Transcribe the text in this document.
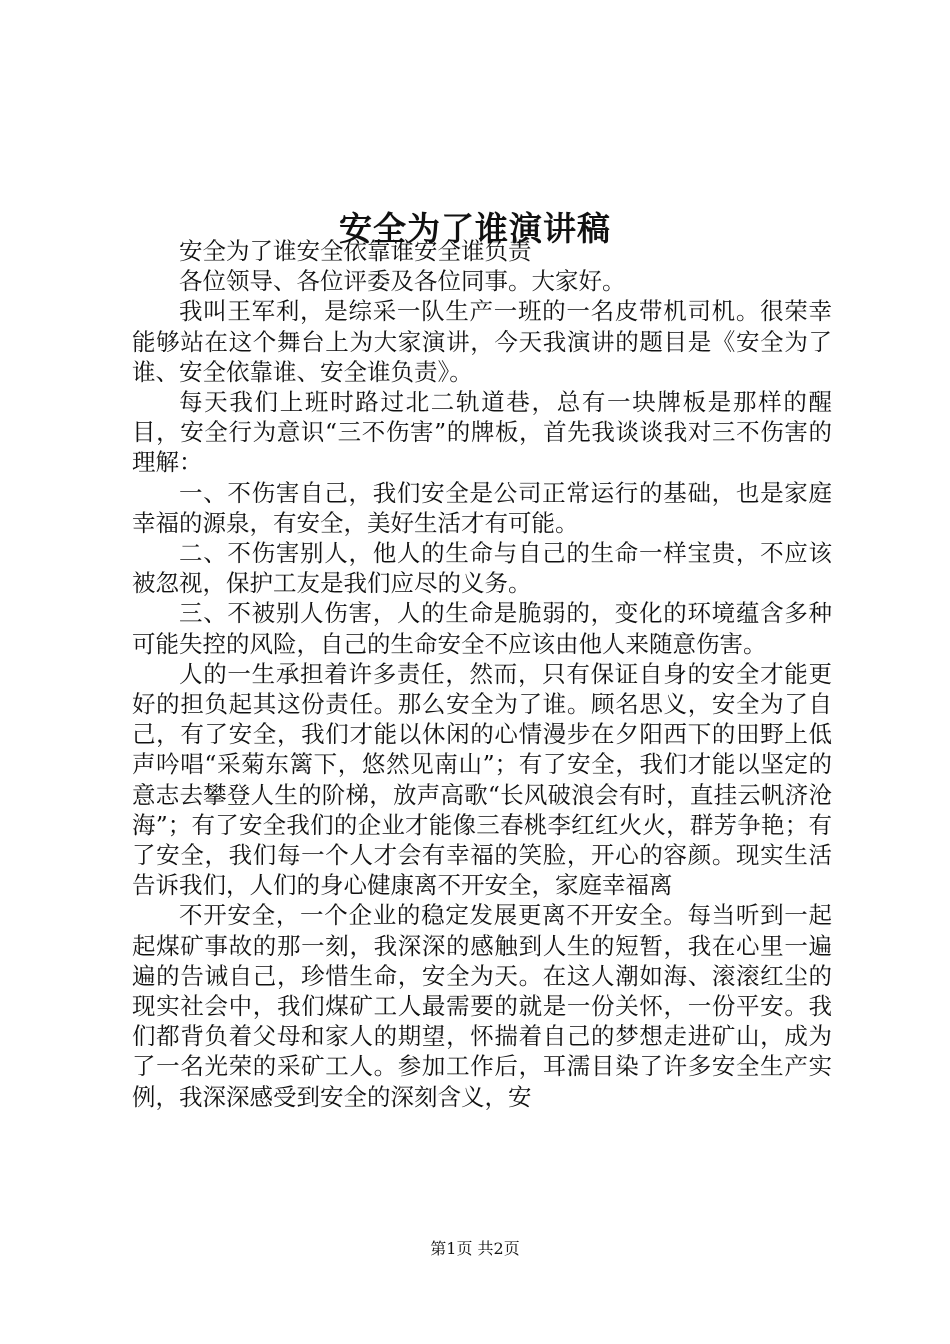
安全为了谁演讲稿

安全为了谁安全依靠谁安全谁负责

各位领导、各位评委及各位同事。大家好。

我叫王军利，是综采一队生产一班的一名皮带机司机。很荣幸能够站在这个舞台上为大家演讲，今天我演讲的题目是《安全为了谁、安全依靠谁、安全谁负责》。

每天我们上班时路过北二轨道巷，总有一块牌板是那样的醒目，安全行为意识“三不伤害”的牌板，首先我谈谈我对三不伤害的理解：

一、不伤害自己，我们安全是公司正常运行的基础，也是家庭幸福的源泉，有安全，美好生活才有可能。

二、不伤害别人，他人的生命与自己的生命一样宝贵，不应该被忽视，保护工友是我们应尽的义务。

三、不被别人伤害，人的生命是脆弱的，变化的环境蕴含多种可能失控的风险，自己的生命安全不应该由他人来随意伤害。

人的一生承担着许多责任，然而，只有保证自身的安全才能更好的担负起其这份责任。那么安全为了谁。顾名思义，安全为了自己，有了安全，我们才能以休闲的心情漫步在夕阳西下的田野上低声吟唱“采菊东篱下，悠然见南山”；有了安全，我们才能以坚定的意志去攀登人生的阶梯，放声高歌“长风破浪会有时，直挂云帆济沧海”；有了安全我们的企业才能像三春桃李红红火火，群芳争艳；有了安全，我们每一个人才会有幸福的笑脸，开心的容颜。现实生活告诉我们，人们的身心健康离不开安全，家庭幸福离

不开安全，一个企业的稳定发展更离不开安全。每当听到一起起煤矿事故的那一刻，我深深的感触到人生的短暂，我在心里一遍遍的告诫自己，珍惜生命，安全为天。在这人潮如海、滚滚红尘的现实社会中，我们煤矿工人最需要的就是一份关怀，一份平安。我们都背负着父母和家人的期望，怀揣着自己的梦想走进矿山，成为了一名光荣的采矿工人。参加工作后，耳濡目染了许多安全生产实例，我深深感受到安全的深刻含义，安

第1页 共2页
